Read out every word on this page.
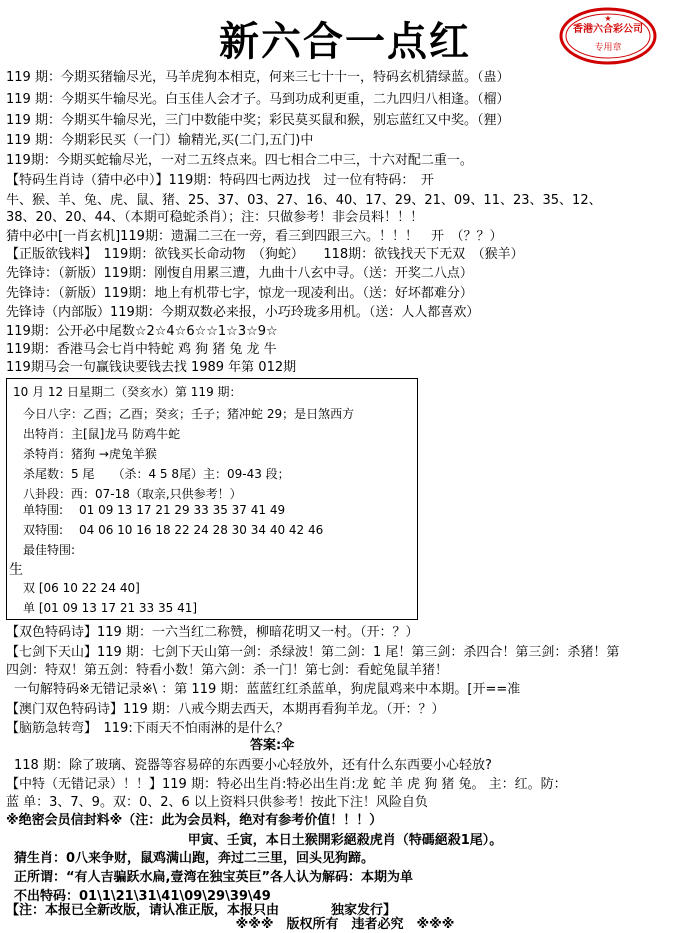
新六合一点红	香港六合彩公司
★
专用章
119 期：今期买猪输尽光，马羊虎狗本相克，何来三七十十一，特码玄机猜绿蓝。（蛊）
119 期：今期买牛输尽光。白玉佳人会才子。马到功成利更重，二九四归八相逢。（榴）
119 期：今期买牛输尽光，三门中数能中奖；彩民莫买鼠和猴，别忘蓝红又中奖。（狸）
119 期：今期彩民买（一门）输精光,买(二门,五门)中
119期：今期买蛇输尽光，一对二五终点来。四七相合二中三，十六对配二重一。
【特码生肖诗（猜中必中）】119期：特码四七两边找　过一位有特码：　开
牛、猴、羊、兔、虎、鼠、猪、25、37、03、27、16、40、17、29、21、09、11、23、35、12、
38、20、20、44、（本期可稳蛇杀肖）；注：只做参考！非会员料！！！
猜中必中[一肖玄机]119期：遗漏二三在一旁，看三到四跟三六。！！！　开　（？？）
【正版欲钱料】　119期：欲钱买长命动物　（狗蛇）　　118期：欲钱找天下无双　（猴羊）
先锋诗：（新版）119期：刚愎自用累三遭，九曲十八玄中寻。（送：开奖二八点）
先锋诗：（新版）119期：地上有机带七字，惊龙一现凌利出。（送：好坏都难分）
先锋诗（内部版）119期：今期双数必来报，小巧玲珑多用机。（送：人人都喜欢）
119期：公开必中尾数☆2☆4☆6☆☆1☆3☆9☆
119期：香港马会七肖中特蛇 鸡 狗 猪 兔 龙 牛
119期马会一句赢钱诀要钱去找 1989 年第 012期
10 月 12 日星期二（癸亥水）第 119 期：
今日八字：乙酉；乙酉；癸亥；壬子；猪冲蛇 29；是日煞西方
出特肖：主[鼠]龙马 防鸡牛蛇
杀特肖：猪狗 →虎兔羊猴
杀尾数：5 尾　　（杀：4 5 8尾）主：09-43 段；
八卦段：西：07-18（取亲,只供参考！）
单特围: 01 09 13 17 21 29 33 35 37 41 49
双特围: 04 06 10 16 18 22 24 28 30 34 40 42 46
最佳特围:
生
双 [06 10 22 24 40]
单 [01 09 13 17 21 33 35 41]
【双色特码诗】119 期：一六当红二称赞，柳暗花明又一村。（开：？）
【七剑下天山】119 期：七剑下天山第一剑：杀绿波！第二剑：1 尾！第三剑：杀四合！第三剑：杀猪！第
四剑：特双！第五剑：特看小数！第六剑：杀一门！第七剑：看蛇兔鼠羊猪！
一句解特码※无错记录※\ ：第 119 期：蓝蓝红红杀蓝单，狗虎鼠鸡来中本期。[开==准
【澳门双色特码诗】119 期：八戒今期去西天，本期再看狗羊龙。（开：？）
【脑筋急转弯】　119:下雨天不怕雨淋的是什么？
答案:伞
118 期：除了玻璃、瓷器等容易碎的东西要小心轻放外，还有什么东西要小心轻放?
【中特（无错记录）！！】119 期：特必出生肖:特必出生肖:龙 蛇 羊 虎 狗 猪 兔。 主：红。防：
蓝 单：3、7、9。双：0、2、6 以上资料只供参考！按此下注！风险自负
※绝密会员信封料※（注：此为会员料，绝对有参考价值！！！）
甲寅、壬寅，本日土猴開彩絕殺虎肖（特碼絕殺1尾）。
猜生肖：0八来争财，鼠鸡满山跑，奔过二三里，回头见狗蹄。
正所谓：“有人吉骗跃水扁,壹湾在独宝英巨”各人认为解码：本期为单
不出特码：01\1\21\31\41\09\29\39\49
【注：本报已全新改版，请认准正版，本报只由　　　　独家发行】
※※※　版权所有　违者必究　※※※
